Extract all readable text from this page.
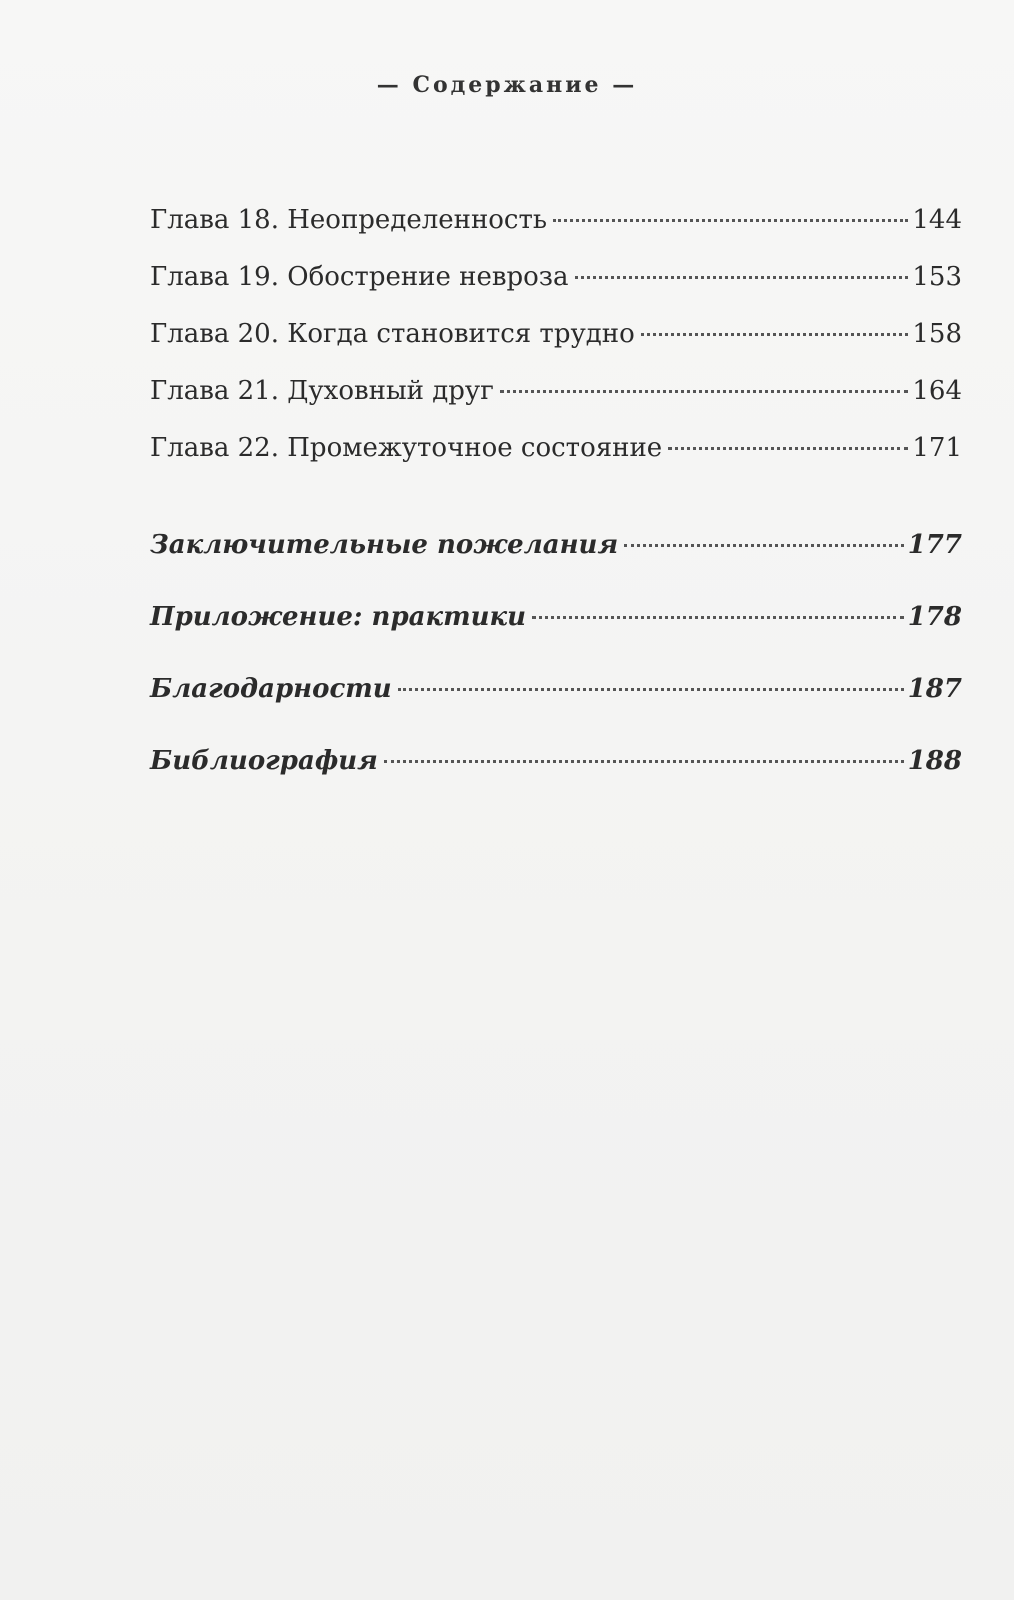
— Содержание —
Глава 18. Неопределенность	144
Глава 19. Обострение невроза	153
Глава 20. Когда становится трудно	158
Глава 21. Духовный друг	164
Глава 22. Промежуточное состояние	171
Заключительные пожелания	177
Приложение: практики	178
Благодарности	187
Библиография	188
